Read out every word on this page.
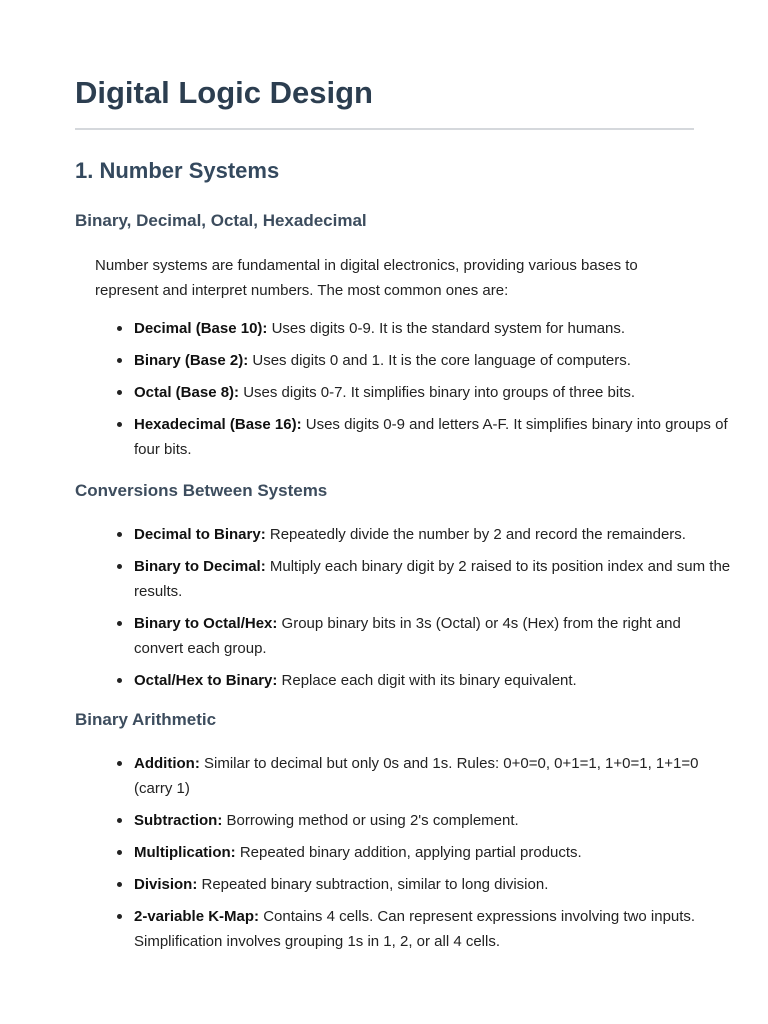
Digital Logic Design
1. Number Systems
Binary, Decimal, Octal, Hexadecimal

Number systems are fundamental in digital electronics, providing various bases to represent and interpret numbers. The most common ones are:

Decimal (Base 10): Uses digits 0-9. It is the standard system for humans.
Binary (Base 2): Uses digits 0 and 1. It is the core language of computers.
Octal (Base 8): Uses digits 0-7. It simplifies binary into groups of three bits.
Hexadecimal (Base 16): Uses digits 0-9 and letters A-F. It simplifies binary into groups of four bits.
Conversions Between Systems
Decimal to Binary: Repeatedly divide the number by 2 and record the remainders.
Binary to Decimal: Multiply each binary digit by 2 raised to its position index and sum the results.
Binary to Octal/Hex: Group binary bits in 3s (Octal) or 4s (Hex) from the right and convert each group.
Octal/Hex to Binary: Replace each digit with its binary equivalent.
Binary Arithmetic
Addition: Similar to decimal but only 0s and 1s. Rules: 0+0=0, 0+1=1, 1+0=1, 1+1=0 (carry 1)
Subtraction: Borrowing method or using 2's complement.
Multiplication: Repeated binary addition, applying partial products.
Division: Repeated binary subtraction, similar to long division.
2-variable K-Map: Contains 4 cells. Can represent expressions involving two inputs. Simplification involves grouping 1s in 1, 2, or all 4 cells.
